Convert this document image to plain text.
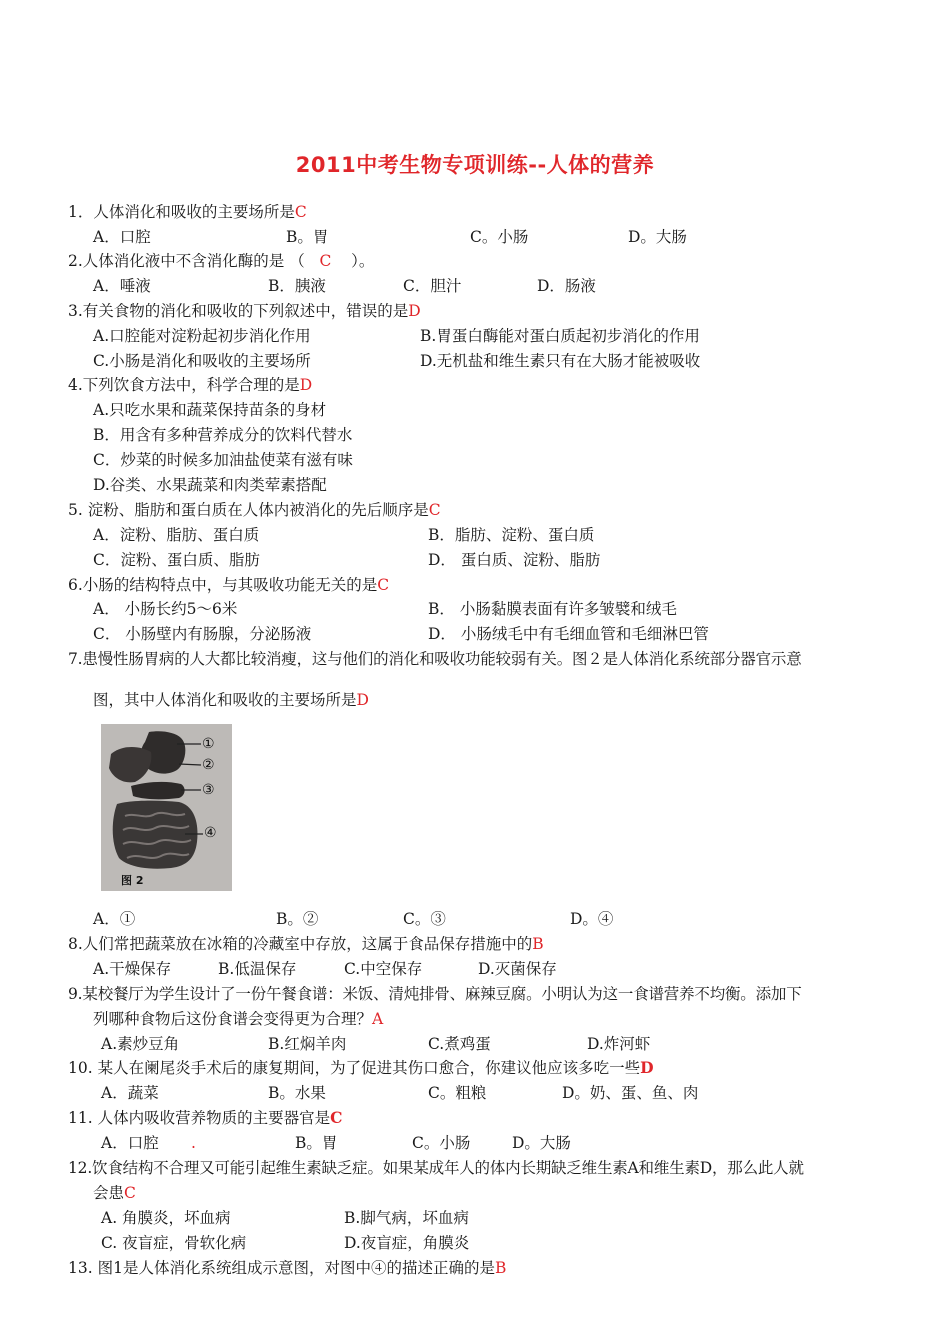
2011中考生物专项训练--人体的营养
1．人体消化和吸收的主要场所是C
A．口腔	B。胃	C。小肠	D。大肠
2.人体消化液中不含消化酶的是 （ C ）。
A．唾液	B．胰液	C．胆汁	D．肠液
3.有关食物的消化和吸收的下列叙述中，错误的是D
A.口腔能对淀粉起初步消化作用	B.胃蛋白酶能对蛋白质起初步消化的作用
C.小肠是消化和吸收的主要场所	D.无机盐和维生素只有在大肠才能被吸收
4.下列饮食方法中，科学合理的是D
A.只吃水果和蔬菜保持苗条的身材
B．用含有多种营养成分的饮料代替水
C．炒菜的时候多加油盐使菜有滋有味
D.谷类、水果蔬菜和肉类荤素搭配
5. 淀粉、脂肪和蛋白质在人体内被消化的先后顺序是C
A．淀粉、脂肪、蛋白质	B．脂肪、淀粉、蛋白质
C．淀粉、蛋白质、脂肪	D． 蛋白质、淀粉、脂肪
6.小肠的结构特点中，与其吸收功能无关的是C
A． 小肠长约5～6米	B． 小肠黏膜表面有许多皱襞和绒毛
C． 小肠壁内有肠腺，分泌肠液	D． 小肠绒毛中有毛细血管和毛细淋巴管
7.患慢性肠胃病的人大都比较消瘦，这与他们的消化和吸收功能较弱有关。图２是人体消化系统部分器官示意
图，其中人体消化和吸收的主要场所是D
①
②
③
④
图 2
A．①	B。②	C。③	D。④
8.人们常把蔬菜放在冰箱的冷藏室中存放，这属于食品保存措施中的B
A.干燥保存	B.低温保存	C.中空保存	D.灭菌保存
9.某校餐厅为学生设计了一份午餐食谱：米饭、清炖排骨、麻辣豆腐。小明认为这一食谱营养不均衡。添加下
列哪种食物后这份食谱会变得更为合理？A
A.素炒豆角	B.红焖羊肉	C.煮鸡蛋	D.炸河虾
10. 某人在阑尾炎手术后的康复期间，为了促进其伤口愈合，你建议他应该多吃一些D
A．蔬菜	B。水果	C。粗粮	D。奶、蛋、鱼、肉
11. 人体内吸收营养物质的主要器官是C
A．口腔 .	B。胃	C。小肠	D。大肠
12.饮食结构不合理又可能引起维生素缺乏症。如果某成年人的体内长期缺乏维生素A和维生素D，那么此人就
会患C
A. 角膜炎，坏血病	B.脚气病，坏血病
C. 夜盲症，骨软化病	D.夜盲症，角膜炎
13. 图1是人体消化系统组成示意图，对图中④的描述正确的是B
